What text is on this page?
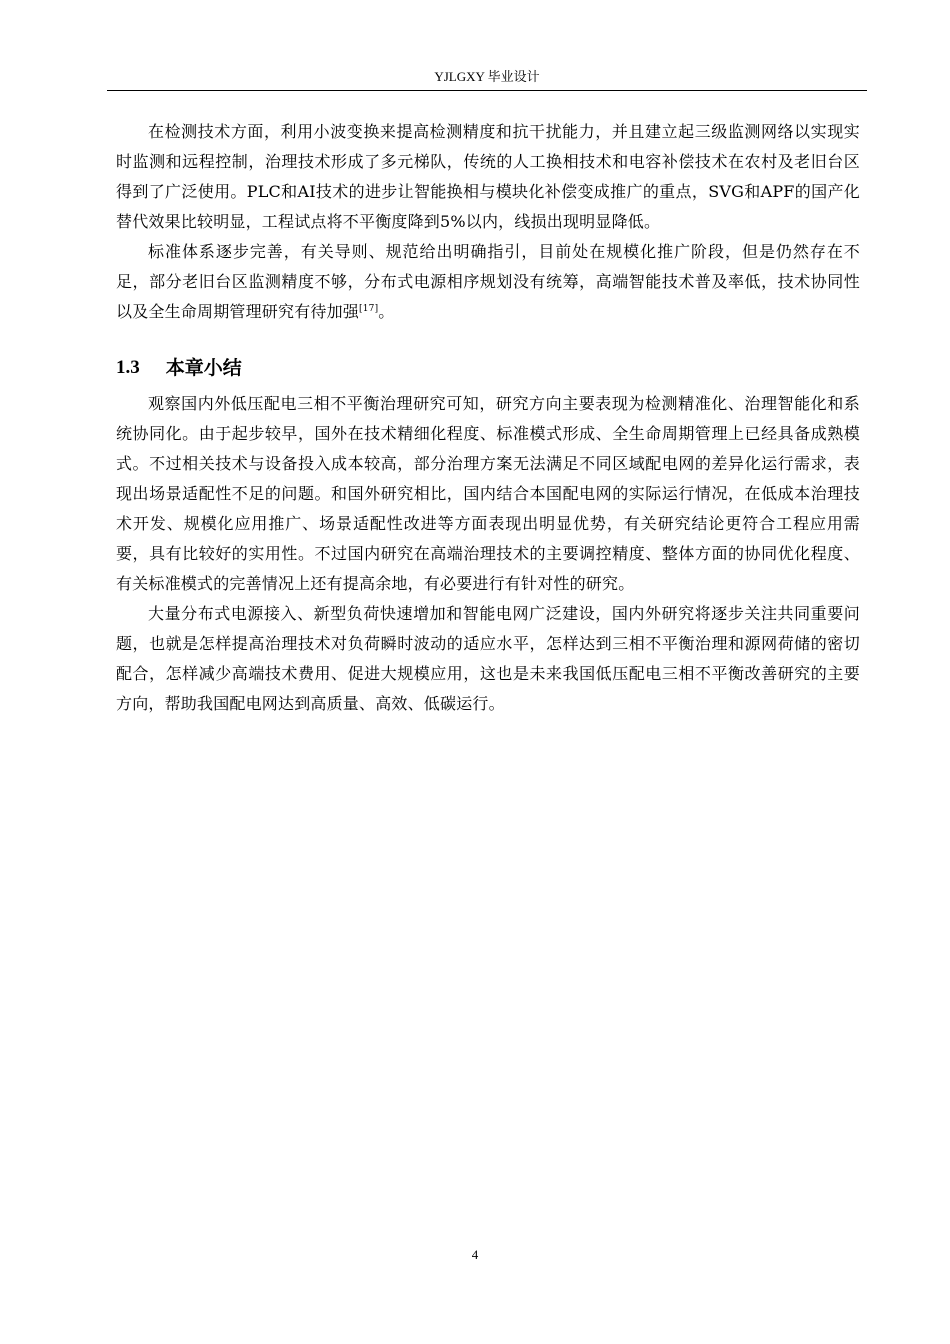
YJLGXY 毕业设计

在检测技术方面，利用小波变换来提高检测精度和抗干扰能力，并且建立起三级监测网络以实现实时监测和远程控制，治理技术形成了多元梯队，传统的人工换相技术和电容补偿技术在农村及老旧台区得到了广泛使用。PLC和AI技术的进步让智能换相与模块化补偿变成推广的重点，SVG和APF的国产化替代效果比较明显，工程试点将不平衡度降到5%以内，线损出现明显降低。

标准体系逐步完善，有关导则、规范给出明确指引，目前处在规模化推广阶段，但是仍然存在不足，部分老旧台区监测精度不够，分布式电源相序规划没有统筹，高端智能技术普及率低，技术协同性以及全生命周期管理研究有待加强[17]。

1.3 本章小结

观察国内外低压配电三相不平衡治理研究可知，研究方向主要表现为检测精准化、治理智能化和系统协同化。由于起步较早，国外在技术精细化程度、标准模式形成、全生命周期管理上已经具备成熟模式。不过相关技术与设备投入成本较高，部分治理方案无法满足不同区域配电网的差异化运行需求，表现出场景适配性不足的问题。和国外研究相比，国内结合本国配电网的实际运行情况，在低成本治理技术开发、规模化应用推广、场景适配性改进等方面表现出明显优势，有关研究结论更符合工程应用需要，具有比较好的实用性。不过国内研究在高端治理技术的主要调控精度、整体方面的协同优化程度、有关标准模式的完善情况上还有提高余地，有必要进行有针对性的研究。

大量分布式电源接入、新型负荷快速增加和智能电网广泛建设，国内外研究将逐步关注共同重要问题，也就是怎样提高治理技术对负荷瞬时波动的适应水平，怎样达到三相不平衡治理和源网荷储的密切配合，怎样减少高端技术费用、促进大规模应用，这也是未来我国低压配电三相不平衡改善研究的主要方向，帮助我国配电网达到高质量、高效、低碳运行。

4
